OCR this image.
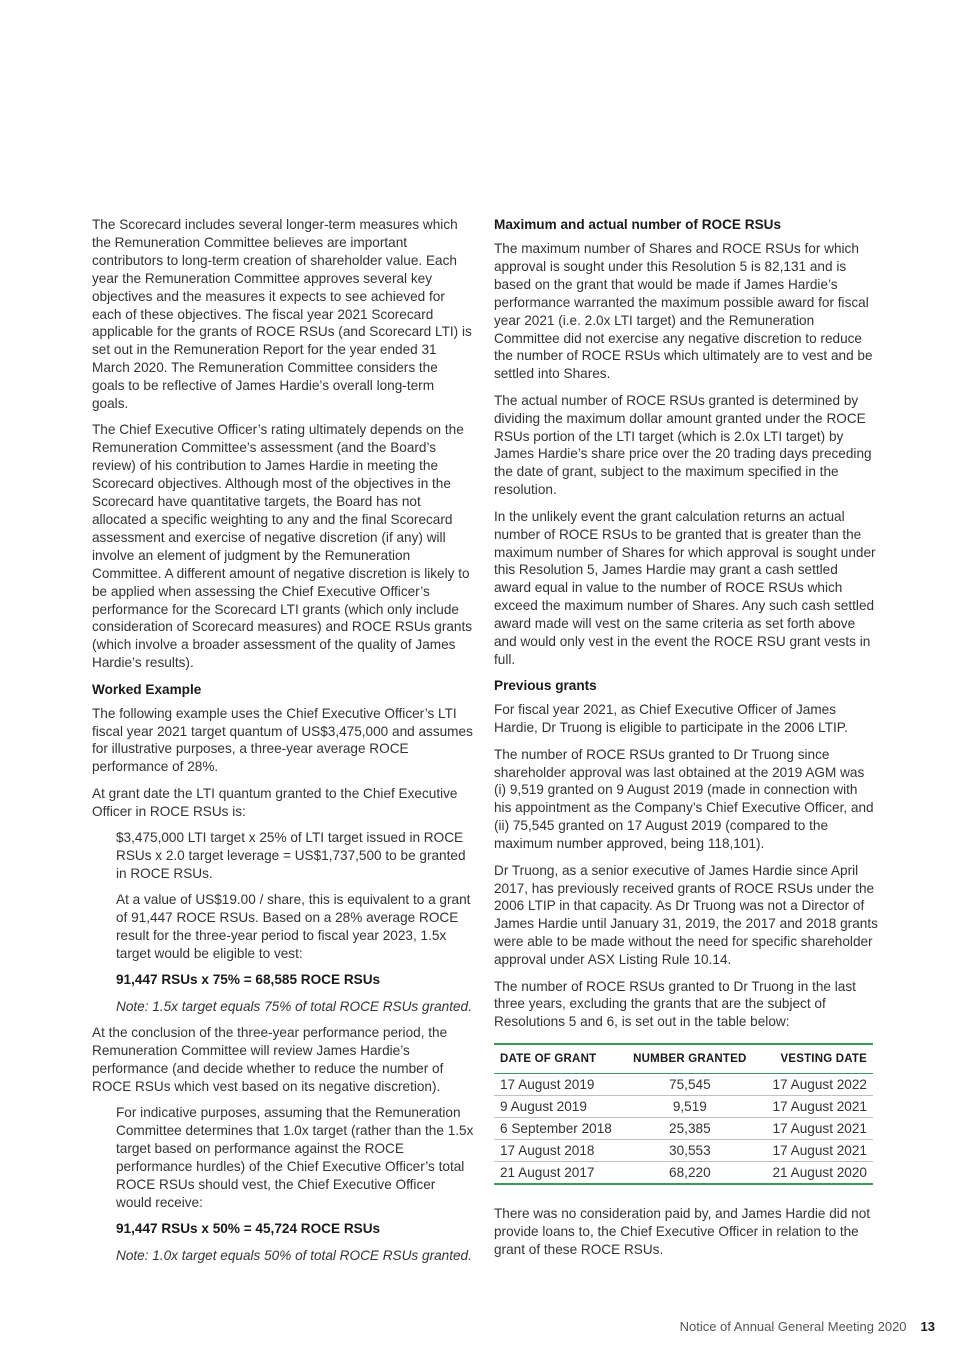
The Scorecard includes several longer-term measures which the Remuneration Committee believes are important contributors to long-term creation of shareholder value. Each year the Remuneration Committee approves several key objectives and the measures it expects to see achieved for each of these objectives. The fiscal year 2021 Scorecard applicable for the grants of ROCE RSUs (and Scorecard LTI) is set out in the Remuneration Report for the year ended 31 March 2020. The Remuneration Committee considers the goals to be reflective of James Hardie’s overall long-term goals.

The Chief Executive Officer’s rating ultimately depends on the Remuneration Committee’s assessment (and the Board’s review) of his contribution to James Hardie in meeting the Scorecard objectives. Although most of the objectives in the Scorecard have quantitative targets, the Board has not allocated a specific weighting to any and the final Scorecard assessment and exercise of negative discretion (if any) will involve an element of judgment by the Remuneration Committee. A different amount of negative discretion is likely to be applied when assessing the Chief Executive Officer’s performance for the Scorecard LTI grants (which only include consideration of Scorecard measures) and ROCE RSUs grants (which involve a broader assessment of the quality of James Hardie’s results).

Worked Example

The following example uses the Chief Executive Officer’s LTI fiscal year 2021 target quantum of US$3,475,000 and assumes for illustrative purposes, a three-year average ROCE performance of 28%.

At grant date the LTI quantum granted to the Chief Executive Officer in ROCE RSUs is:

$3,475,000 LTI target x 25% of LTI target issued in ROCE RSUs x 2.0 target leverage = US$1,737,500 to be granted in ROCE RSUs.

At a value of US$19.00 / share, this is equivalent to a grant of 91,447 ROCE RSUs. Based on a 28% average ROCE result for the three-year period to fiscal year 2023, 1.5x target would be eligible to vest:

91,447 RSUs x 75% = 68,585 ROCE RSUs

Note: 1.5x target equals 75% of total ROCE RSUs granted.

At the conclusion of the three-year performance period, the Remuneration Committee will review James Hardie’s performance (and decide whether to reduce the number of ROCE RSUs which vest based on its negative discretion).

For indicative purposes, assuming that the Remuneration Committee determines that 1.0x target (rather than the 1.5x target based on performance against the ROCE performance hurdles) of the Chief Executive Officer’s total ROCE RSUs should vest, the Chief Executive Officer would receive:

91,447 RSUs x 50% = 45,724 ROCE RSUs

Note: 1.0x target equals 50% of total ROCE RSUs granted.

Maximum and actual number of ROCE RSUs

The maximum number of Shares and ROCE RSUs for which approval is sought under this Resolution 5 is 82,131 and is based on the grant that would be made if James Hardie’s performance warranted the maximum possible award for fiscal year 2021 (i.e. 2.0x LTI target) and the Remuneration Committee did not exercise any negative discretion to reduce the number of ROCE RSUs which ultimately are to vest and be settled into Shares.

The actual number of ROCE RSUs granted is determined by dividing the maximum dollar amount granted under the ROCE RSUs portion of the LTI target (which is 2.0x LTI target) by James Hardie’s share price over the 20 trading days preceding the date of grant, subject to the maximum specified in the resolution.

In the unlikely event the grant calculation returns an actual number of ROCE RSUs to be granted that is greater than the maximum number of Shares for which approval is sought under this Resolution 5, James Hardie may grant a cash settled award equal in value to the number of ROCE RSUs which exceed the maximum number of Shares. Any such cash settled award made will vest on the same criteria as set forth above and would only vest in the event the ROCE RSU grant vests in full.

Previous grants

For fiscal year 2021, as Chief Executive Officer of James Hardie, Dr Truong is eligible to participate in the 2006 LTIP.

The number of ROCE RSUs granted to Dr Truong since shareholder approval was last obtained at the 2019 AGM was (i) 9,519 granted on 9 August 2019 (made in connection with his appointment as the Company’s Chief Executive Officer, and (ii) 75,545 granted on 17 August 2019 (compared to the maximum number approved, being 118,101).

Dr Truong, as a senior executive of James Hardie since April 2017, has previously received grants of ROCE RSUs under the 2006 LTIP in that capacity. As Dr Truong was not a Director of James Hardie until January 31, 2019, the 2017 and 2018 grants were able to be made without the need for specific shareholder approval under ASX Listing Rule 10.14.

The number of ROCE RSUs granted to Dr Truong in the last three years, excluding the grants that are the subject of Resolutions 5 and 6, is set out in the table below:

DATE OF GRANT	NUMBER GRANTED	VESTING DATE
17 August 2019	75,545	17 August 2022
9 August 2019	9,519	17 August 2021
6 September 2018	25,385	17 August 2021
17 August 2018	30,553	17 August 2021
21 August 2017	68,220	21 August 2020

There was no consideration paid by, and James Hardie did not provide loans to, the Chief Executive Officer in relation to the grant of these ROCE RSUs.

Notice of Annual General Meeting 2020 13
